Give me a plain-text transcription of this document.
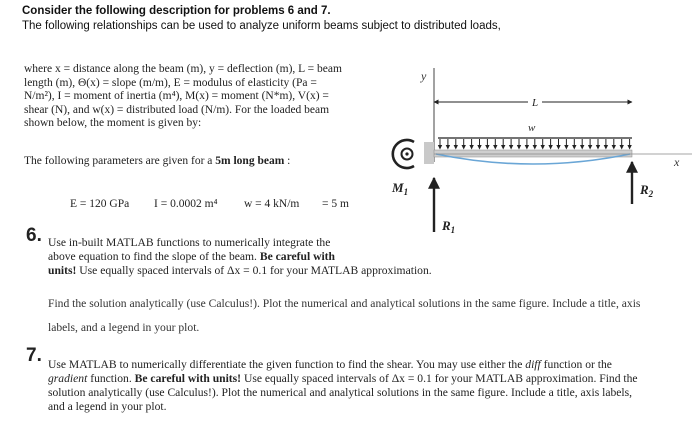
Consider the following description for problems 6 and 7.
The following relationships can be used to analyze uniform beams subject to distributed loads,
where x = distance along the beam (m), y = deflection (m), L = beam
length (m), Θ(x) = slope (m/m), E = modulus of elasticity (Pa =
N/m²), I = moment of inertia (m⁴), M(x) = moment (N*m), V(x) =
shear (N), and w(x) = distributed load (N/m). For the loaded beam
shown below, the moment is given by:
The following parameters are given for a 5m long beam :
E = 120 GPa I = 0.0002 m⁴ w = 4 kN/m = 5 m
y
L
w
x
$M_1$
$R_1$
$R_2$
6. Use in-built MATLAB functions to numerically integrate the
above equation to find the slope of the beam. Be careful with
units! Use equally spaced intervals of Δx = 0.1 for your MATLAB approximation.
Find the solution analytically (use Calculus!). Plot the numerical and analytical solutions in the same figure. Include a title, axis
labels, and a legend in your plot.
7. Use MATLAB to numerically differentiate the given function to find the shear. You may use either the diff function or the
gradient function. Be careful with units! Use equally spaced intervals of Δx = 0.1 for your MATLAB approximation. Find the
solution analytically (use Calculus!). Plot the numerical and analytical solutions in the same figure. Include a title, axis labels,
and a legend in your plot.
